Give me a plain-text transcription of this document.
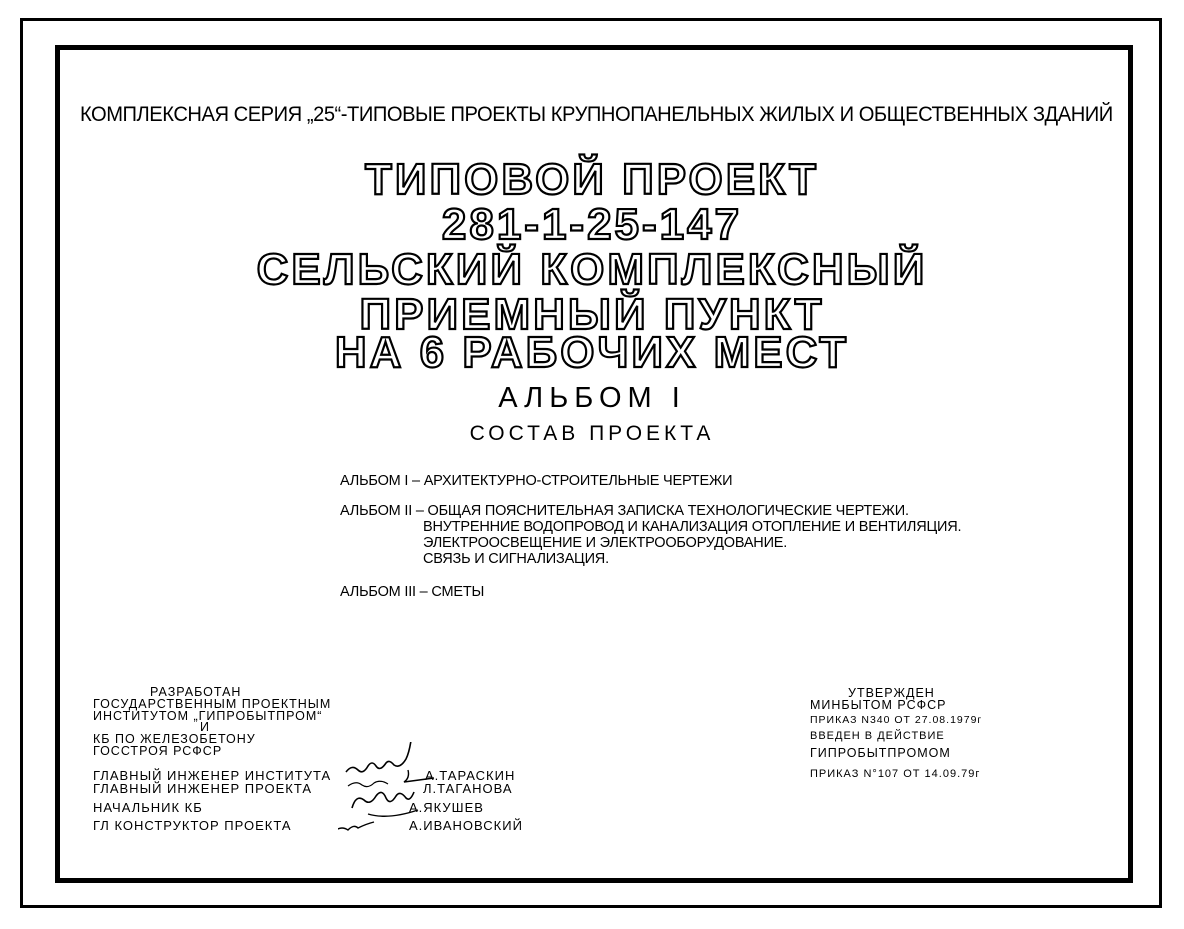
КОМПЛЕКСНАЯ СЕРИЯ „25“-ТИПОВЫЕ ПРОЕКТЫ КРУПНОПАНЕЛЬНЫХ ЖИЛЫХ И ОБЩЕСТВЕННЫХ ЗДАНИЙ
ТИПОВОЙ ПРОЕКТ
281-1-25-147
СЕЛЬСКИЙ КОМПЛЕКСНЫЙ
ПРИЕМНЫЙ ПУНКТ
НА 6 РАБОЧИХ МЕСТ
АЛЬБОМ I
СОСТАВ ПРОЕКТА
АЛЬБОМ I – АРХИТЕКТУРНО-СТРОИТЕЛЬНЫЕ ЧЕРТЕЖИ
АЛЬБОМ II – ОБЩАЯ ПОЯСНИТЕЛЬНАЯ ЗАПИСКА ТЕХНОЛОГИЧЕСКИЕ ЧЕРТЕЖИ.
ВНУТРЕННИЕ ВОДОПРОВОД И КАНАЛИЗАЦИЯ ОТОПЛЕНИЕ И ВЕНТИЛЯЦИЯ.
ЭЛЕКТРООСВЕЩЕНИЕ И ЭЛЕКТРООБОРУДОВАНИЕ.
СВЯЗЬ И СИГНАЛИЗАЦИЯ.
АЛЬБОМ III – СМЕТЫ
РАЗРАБОТАН
ГОСУДАРСТВЕННЫМ ПРОЕКТНЫМ
ИНСТИТУТОМ „ГИПРОБЫТПРОМ“
И
КБ ПО ЖЕЛЕЗОБЕТОНУ
ГОССТРОЯ РСФСР
ГЛАВНЫЙ ИНЖЕНЕР ИНСТИТУТА	А.ТАРАСКИН
ГЛАВНЫЙ ИНЖЕНЕР ПРОЕКТА	Л.ТАГАНОВА
НАЧАЛЬНИК КБ	А.ЯКУШЕВ
ГЛ КОНСТРУКТОР ПРОЕКТА	А.ИВАНОВСКИЙ
УТВЕРЖДЕН
МИНБЫТОМ РСФСР
ПРИКАЗ N340 ОТ 27.08.1979г
ВВЕДЕН В ДЕЙСТВИЕ
ГИПРОБЫТПРОМОМ
ПРИКАЗ N°107 ОТ 14.09.79г
